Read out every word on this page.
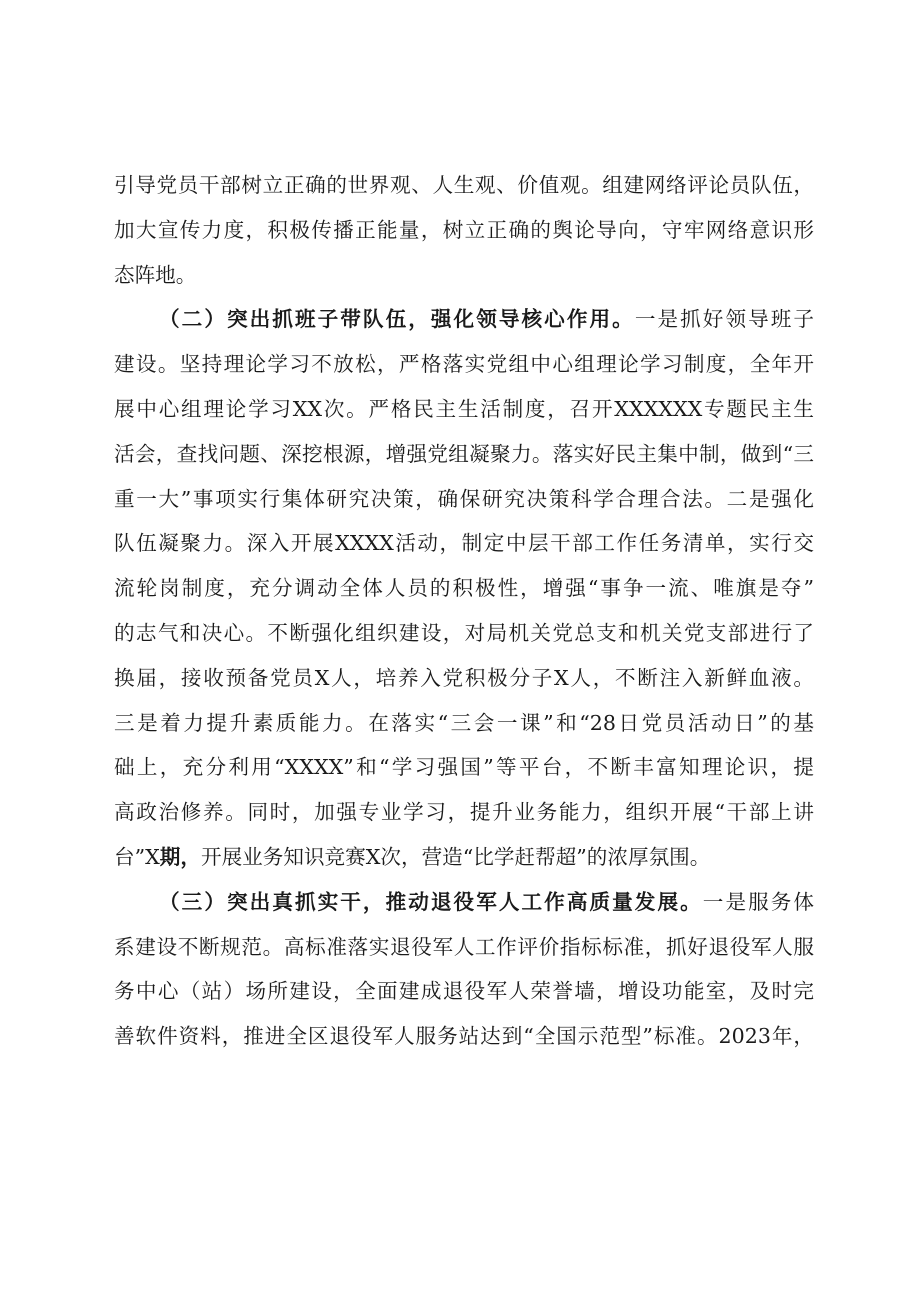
引导党员干部树立正确的世界观、人生观、价值观。组建网络评论员队伍，
加大宣传力度，积极传播正能量，树立正确的舆论导向，守牢网络意识形
态阵地。
（二）突出抓班子带队伍，强化领导核心作用。一是抓好领导班子
建设。坚持理论学习不放松，严格落实党组中心组理论学习制度，全年开
展中心组理论学习XX次。严格民主生活制度，召开XXXXXX专题民主生
活会，查找问题、深挖根源，增强党组凝聚力。落实好民主集中制，做到“三
重一大”事项实行集体研究决策，确保研究决策科学合理合法。二是强化
队伍凝聚力。深入开展XXXX活动，制定中层干部工作任务清单，实行交
流轮岗制度，充分调动全体人员的积极性，增强“事争一流、唯旗是夺”
的志气和决心。不断强化组织建设，对局机关党总支和机关党支部进行了
换届，接收预备党员X人，培养入党积极分子X人，不断注入新鲜血液。
三是着力提升素质能力。在落实“三会一课”和“28日党员活动日”的基
础上，充分利用“XXXX”和“学习强国”等平台，不断丰富知理论识，提
高政治修养。同时，加强专业学习，提升业务能力，组织开展“干部上讲
台”X期，开展业务知识竞赛X次，营造“比学赶帮超”的浓厚氛围。
（三）突出真抓实干，推动退役军人工作高质量发展。一是服务体
系建设不断规范。高标准落实退役军人工作评价指标标准，抓好退役军人服
务中心（站）场所建设，全面建成退役军人荣誉墙，增设功能室，及时完
善软件资料，推进全区退役军人服务站达到“全国示范型”标准。2023年，
